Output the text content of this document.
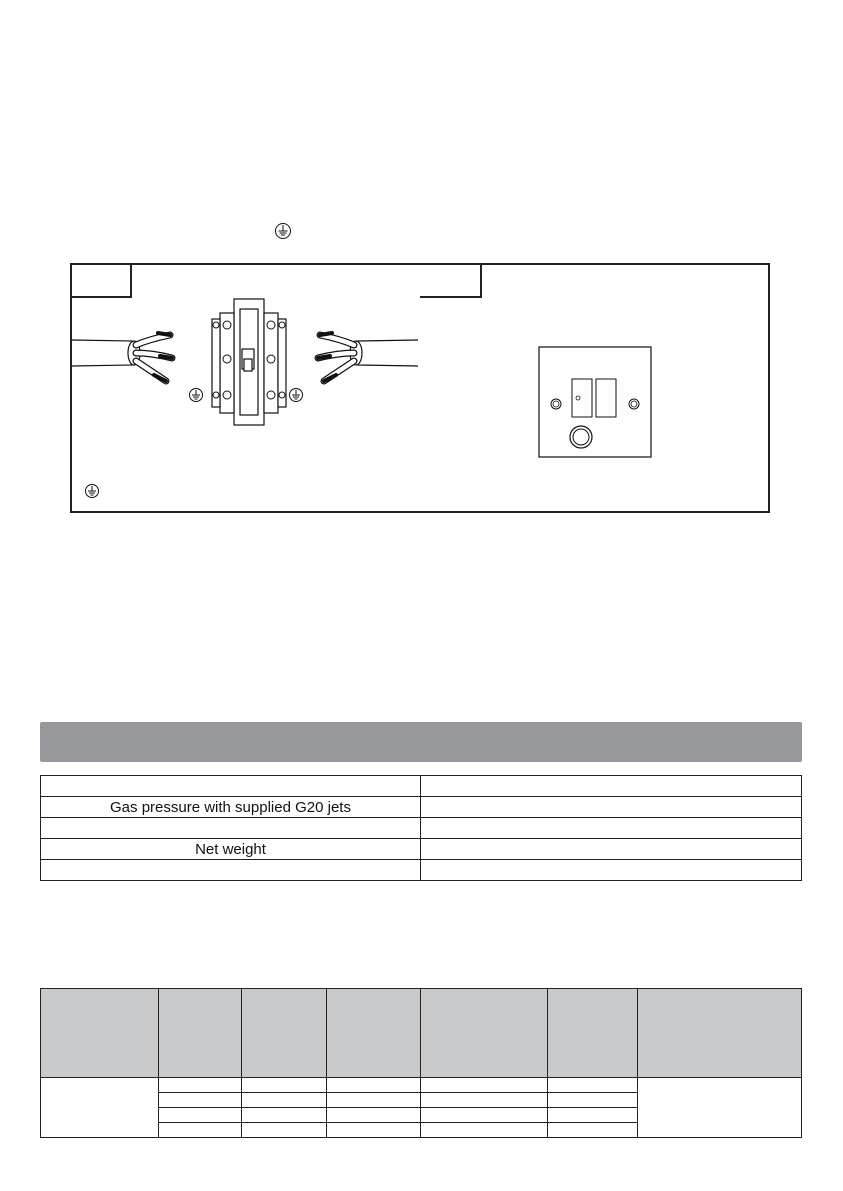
Gas pressure with supplied G20 jets	

Net weight	
